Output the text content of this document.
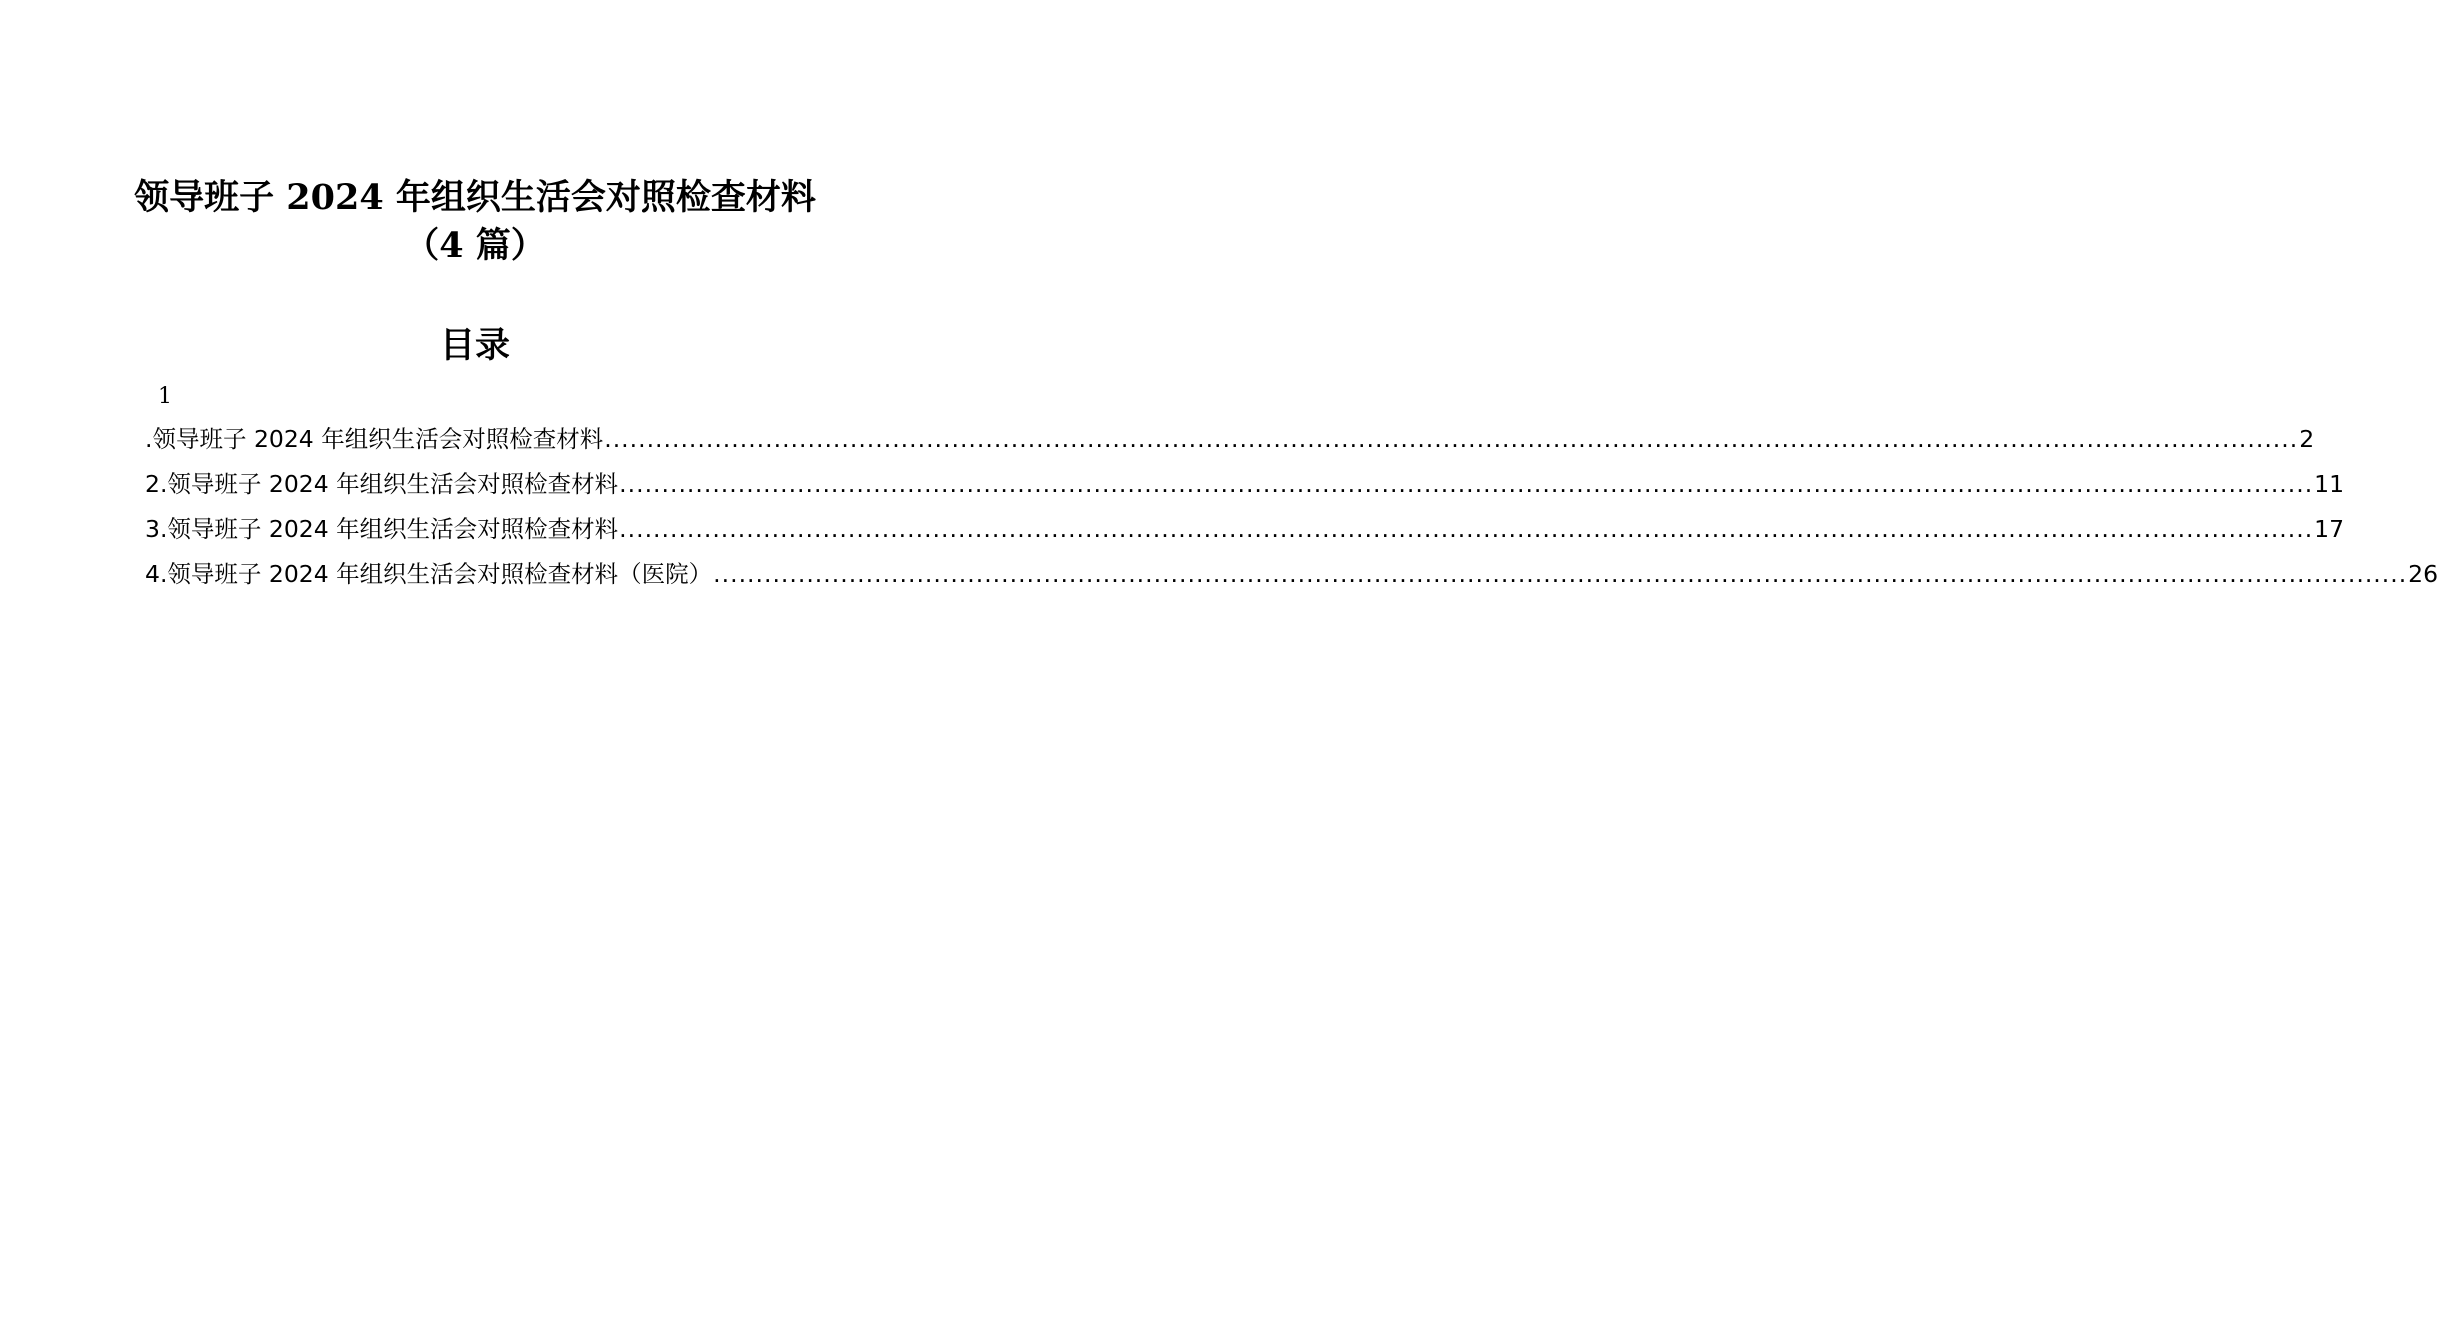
领导班子 2024 年组织生活会对照检查材料
（4 篇）
目录
1
.领导班子 2024 年组织生活会对照检查材料 ........................................................................................................................................................................................................ 2
2.领导班子 2024 年组织生活会对照检查材料 ........................................................................................................................................................................................................ 11
3.领导班子 2024 年组织生活会对照检查材料 ........................................................................................................................................................................................................ 17
4.领导班子 2024 年组织生活会对照检查材料（医院） ........................................................................................................................................................................................................ 26
